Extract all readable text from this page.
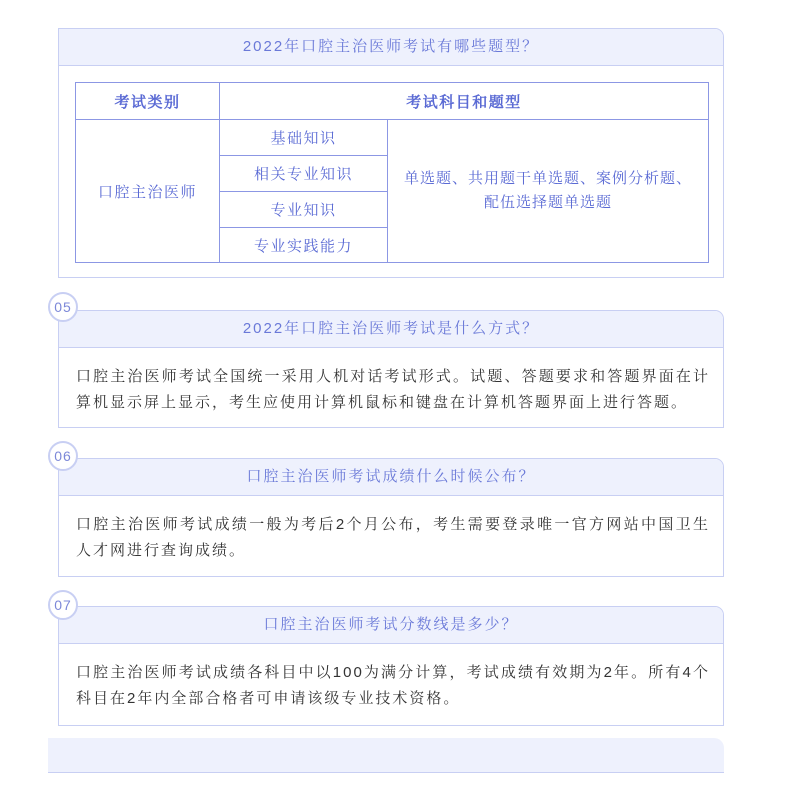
2022年口腔主治医师考试有哪些题型？
考试类别	考试科目和题型	
口腔主治医师	基础知识	单选题、共用题干单选题、案例分析题、配伍选择题单选题
	相关专业知识	
	专业知识	
	专业实践能力	
05
2022年口腔主治医师考试是什么方式？
口腔主治医师考试全国统一采用人机对话考试形式。试题、答题要求和答题界面在计算机显示屏上显示，考生应使用计算机鼠标和键盘在计算机答题界面上进行答题。
06
口腔主治医师考试成绩什么时候公布？
口腔主治医师考试成绩一般为考后2个月公布，考生需要登录唯一官方网站中国卫生人才网进行查询成绩。
07
口腔主治医师考试分数线是多少？
口腔主治医师考试成绩各科目中以100为满分计算，考试成绩有效期为2年。所有4个科目在2年内全部合格者可申请该级专业技术资格。
